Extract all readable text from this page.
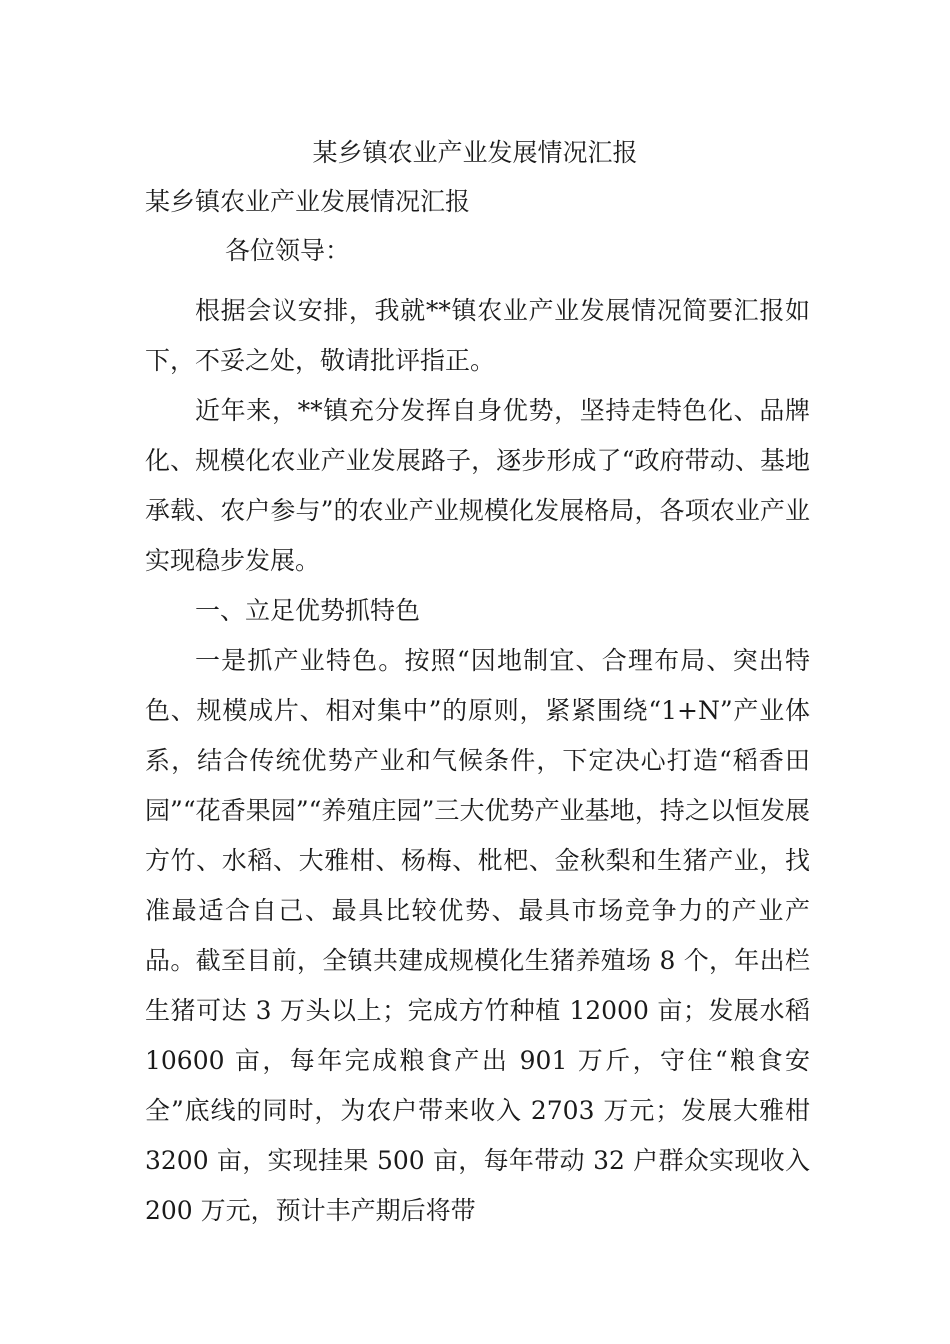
某乡镇农业产业发展情况汇报
某乡镇农业产业发展情况汇报
各位领导：

根据会议安排，我就**镇农业产业发展情况简要汇报如下，不妥之处，敬请批评指正。

近年来，**镇充分发挥自身优势，坚持走特色化、品牌化、规模化农业产业发展路子，逐步形成了“政府带动、基地承载、农户参与”的农业产业规模化发展格局，各项农业产业实现稳步发展。

一、立足优势抓特色

一是抓产业特色。按照“因地制宜、合理布局、突出特色、规模成片、相对集中”的原则，紧紧围绕“1+N”产业体系，结合传统优势产业和气候条件，下定决心打造“稻香田园”“花香果园”“养殖庄园”三大优势产业基地，持之以恒发展方竹、水稻、大雅柑、杨梅、枇杷、金秋梨和生猪产业，找准最适合自己、最具比较优势、最具市场竞争力的产业产品。截至目前，全镇共建成规模化生猪养殖场 8 个，年出栏生猪可达 3 万头以上；完成方竹种植 12000 亩；发展水稻 10600 亩，每年完成粮食产出 901 万斤，守住“粮食安全”底线的同时，为农户带来收入 2703 万元；发展大雅柑 3200 亩，实现挂果 500 亩，每年带动 32 户群众实现收入 200 万元，预计丰产期后将带
